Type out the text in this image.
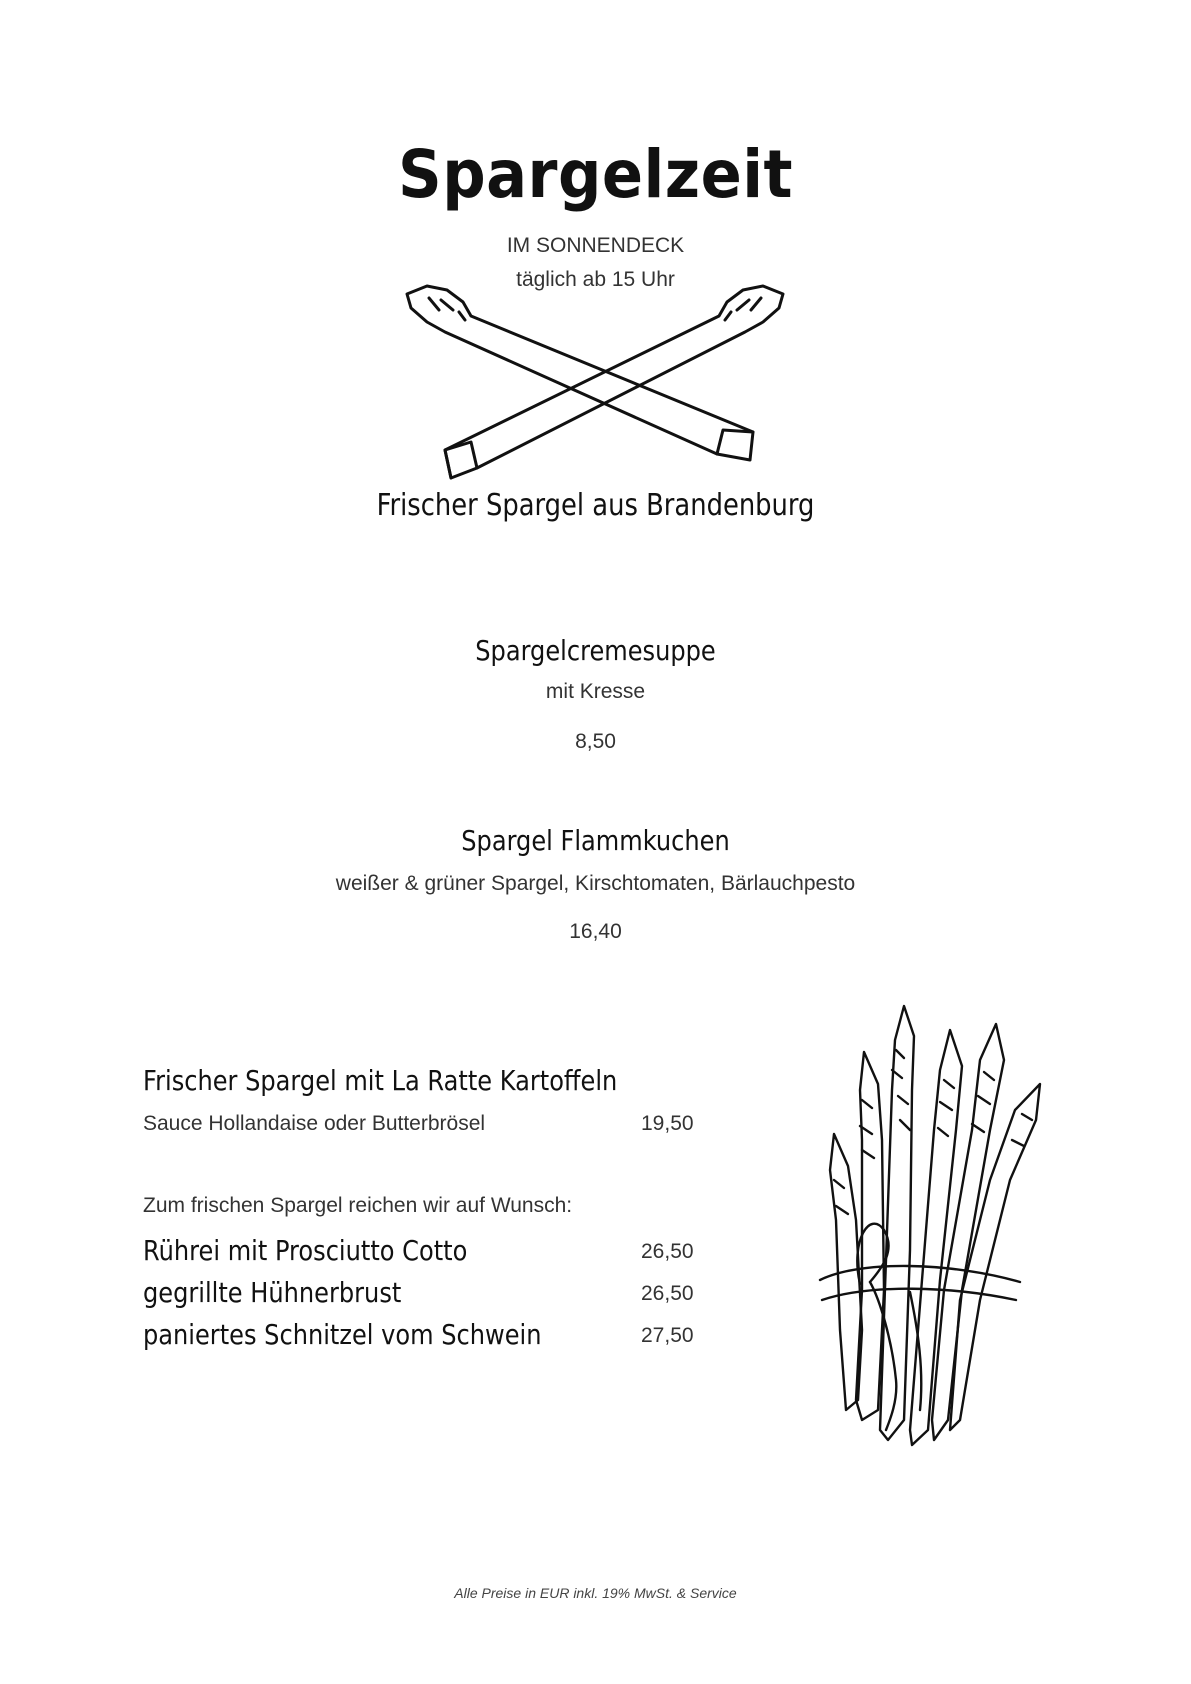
Spargelzeit
IM SONNENDECK
täglich ab 15 Uhr
Frischer Spargel aus Brandenburg
Spargelcremesuppe
mit Kresse
8,50
Spargel Flammkuchen
weißer & grüner Spargel, Kirschtomaten, Bärlauchpesto
16,40
Frischer Spargel mit La Ratte Kartoffeln
Sauce Hollandaise oder Butterbrösel	19,50
Zum frischen Spargel reichen wir auf Wunsch:
Rührei mit Prosciutto Cotto	26,50
gegrillte Hühnerbrust	26,50
paniertes Schnitzel vom Schwein	27,50
Alle Preise in EUR inkl. 19% MwSt. & Service
